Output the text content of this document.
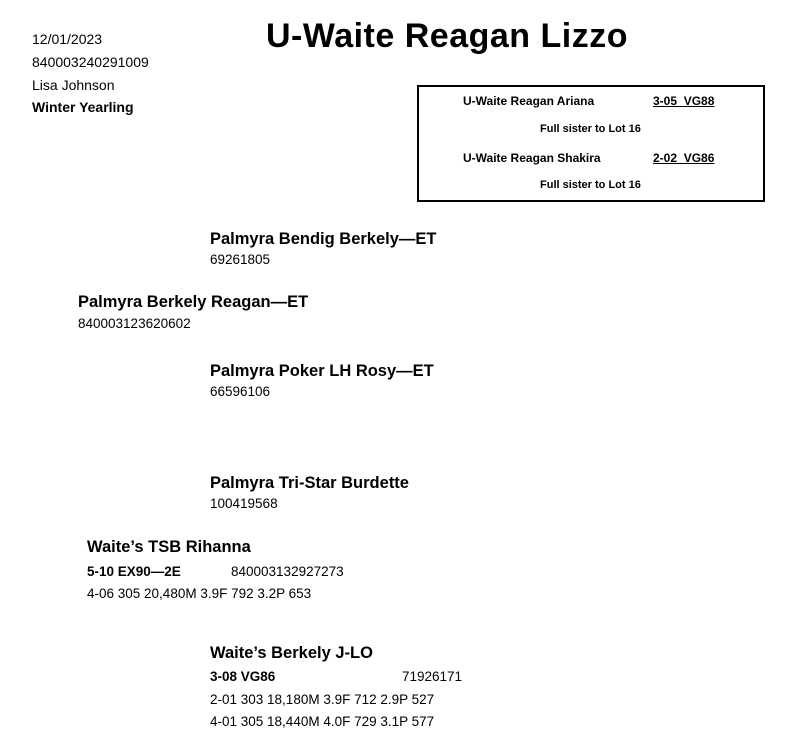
12/01/2023
840003240291009
Lisa Johnson
Winter Yearling
U-Waite Reagan Lizzo
U-Waite Reagan Ariana	3-05 VG88
Full sister to Lot 16
U-Waite Reagan Shakira	2-02 VG86
Full sister to Lot 16
Palmyra Bendig Berkely—ET
69261805
Palmyra Berkely Reagan—ET
840003123620602
Palmyra Poker LH Rosy—ET
66596106
Palmyra Tri-Star Burdette
100419568
Waite’s TSB Rihanna
5-10 EX90—2E	840003132927273
4-06 305 20,480M 3.9F 792 3.2P 653
Waite’s Berkely J-LO
3-08 VG86	71926171
2-01 303 18,180M 3.9F 712 2.9P 527
4-01 305 18,440M 4.0F 729 3.1P 577
